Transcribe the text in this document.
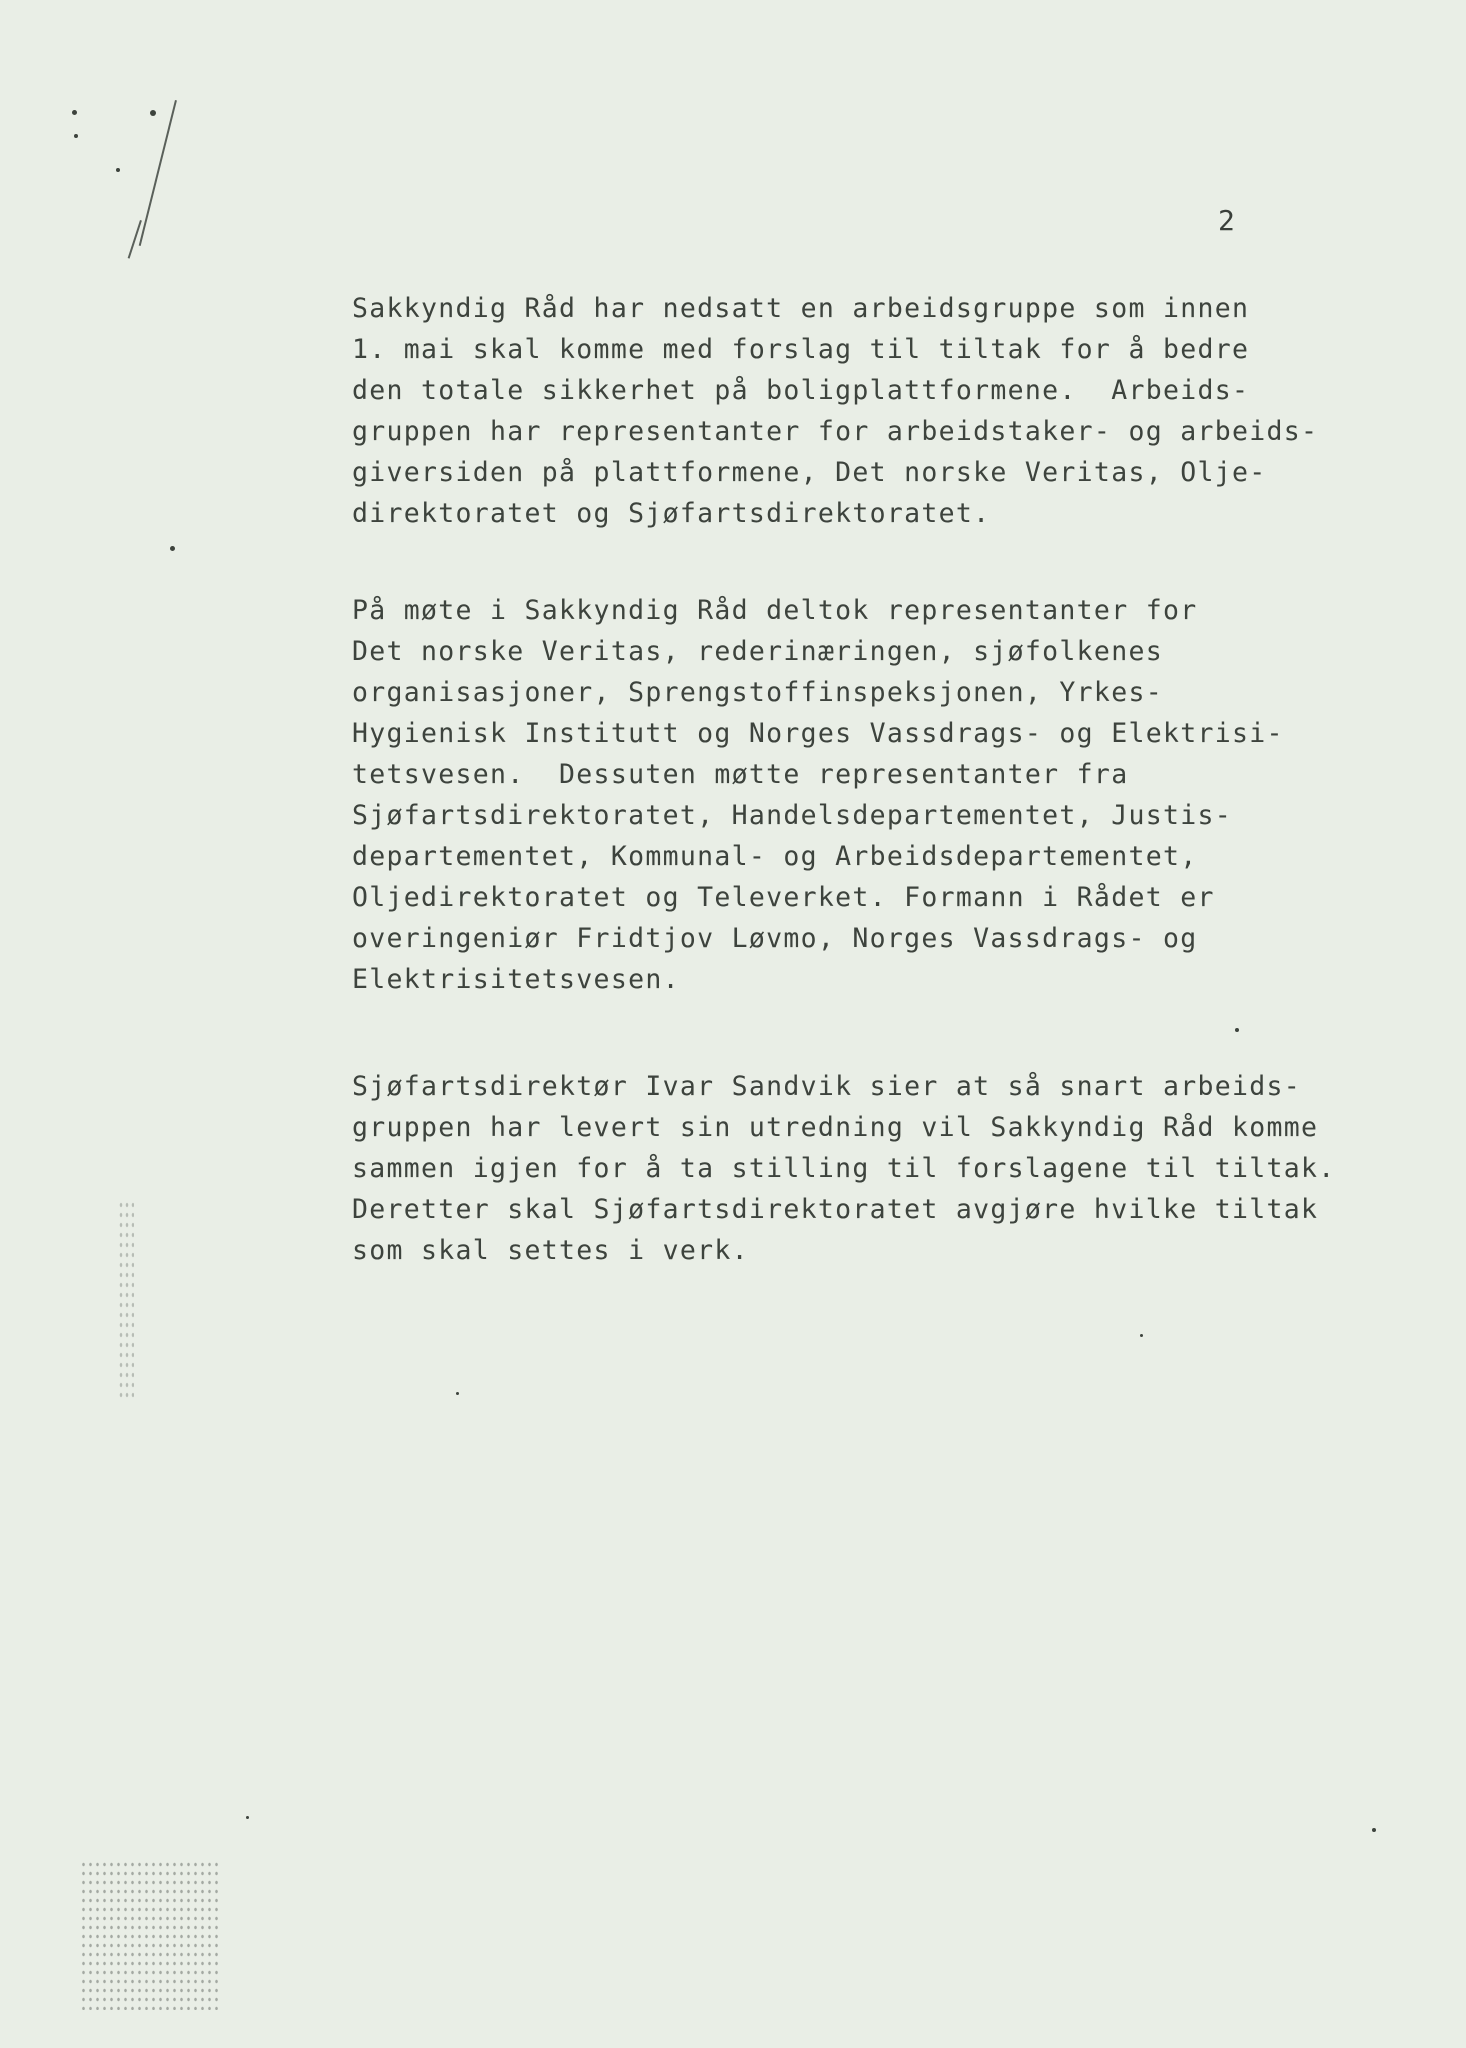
2

Sakkyndig Råd har nedsatt en arbeidsgruppe som innen
1. mai skal komme med forslag til tiltak for å bedre
den totale sikkerhet på boligplattformene.  Arbeids-
gruppen har representanter for arbeidstaker- og arbeids-
giversiden på plattformene, Det norske Veritas, Olje-
direktoratet og Sjøfartsdirektoratet.

På møte i Sakkyndig Råd deltok representanter for
Det norske Veritas, rederinæringen, sjøfolkenes
organisasjoner, Sprengstoffinspeksjonen, Yrkes-
Hygienisk Institutt og Norges Vassdrags- og Elektrisi-
tetsvesen.  Dessuten møtte representanter fra
Sjøfartsdirektoratet, Handelsdepartementet, Justis-
departementet, Kommunal- og Arbeidsdepartementet,
Oljedirektoratet og Televerket. Formann i Rådet er
overingeniør Fridtjov Løvmo, Norges Vassdrags- og
Elektrisitetsvesen.

Sjøfartsdirektør Ivar Sandvik sier at så snart arbeids-
gruppen har levert sin utredning vil Sakkyndig Råd komme
sammen igjen for å ta stilling til forslagene til tiltak.
Deretter skal Sjøfartsdirektoratet avgjøre hvilke tiltak
som skal settes i verk.
